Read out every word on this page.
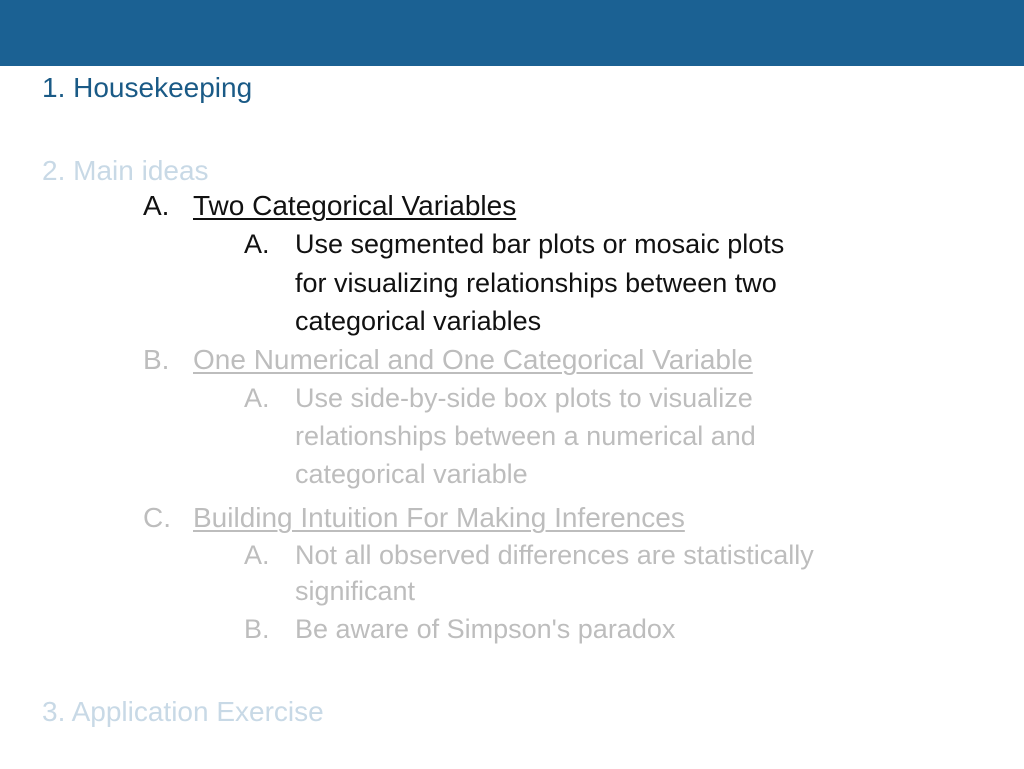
1. Housekeeping
2. Main ideas
A. Two Categorical Variables
A. Use segmented bar plots or mosaic plots
for visualizing relationships between two
categorical variables
B. One Numerical and One Categorical Variable
A. Use side-by-side box plots to visualize
relationships between a numerical and
categorical variable
C. Building Intuition For Making Inferences
A. Not all observed differences are statistically
significant
B. Be aware of Simpson's paradox
3. Application Exercise
